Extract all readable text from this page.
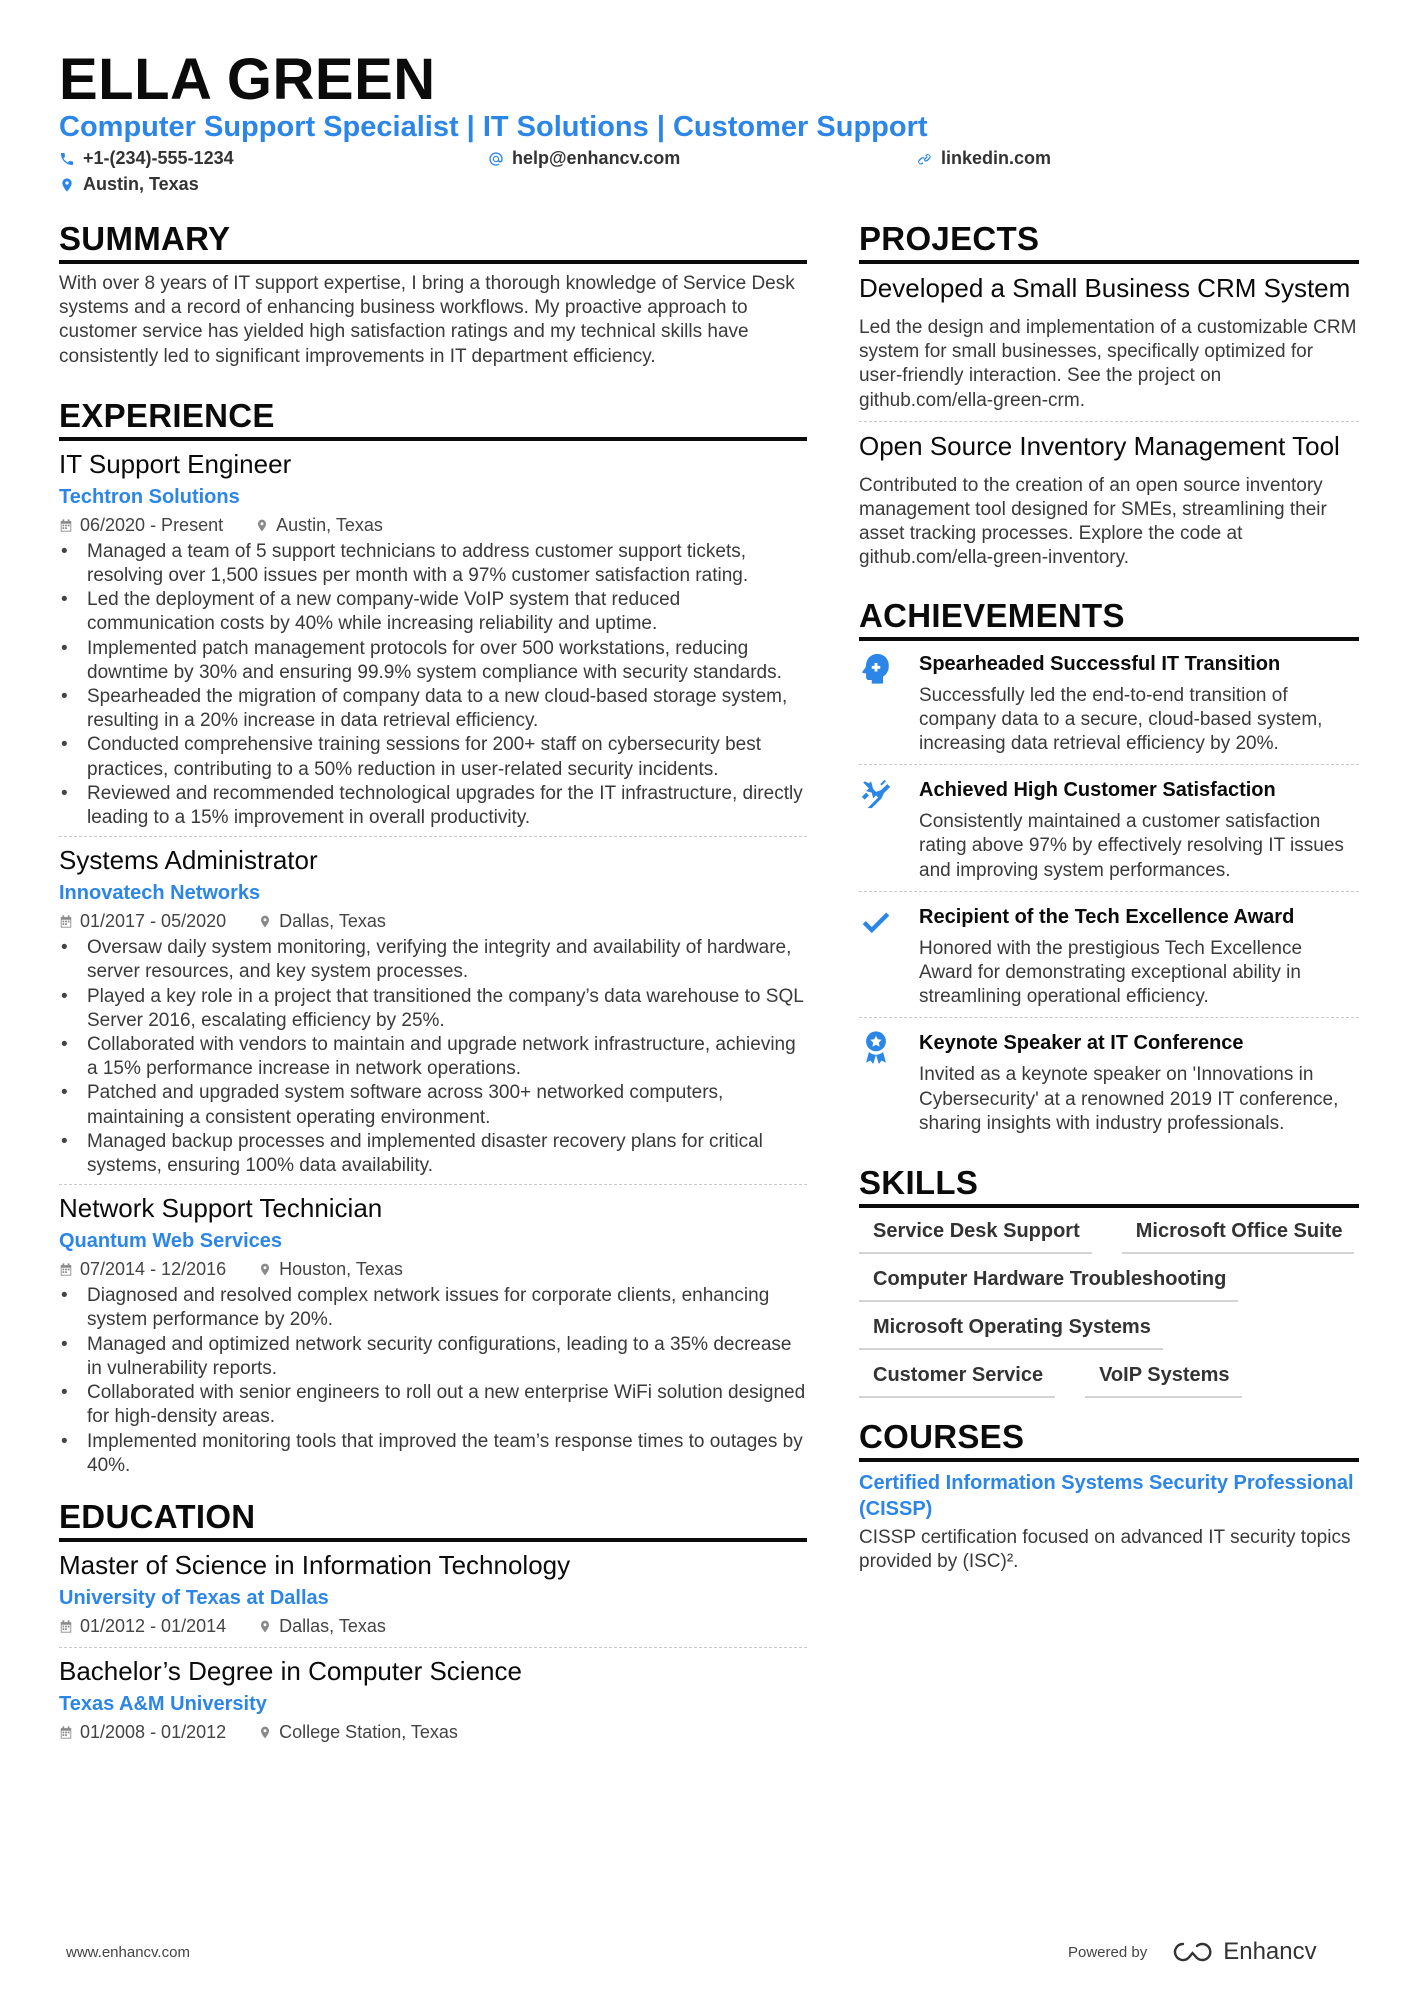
ELLA GREEN
Computer Support Specialist | IT Solutions | Customer Support
+1-(234)-555-1234	help@enhancv.com	linkedin.com
Austin, Texas
SUMMARY
With over 8 years of IT support expertise, I bring a thorough knowledge of Service Desk systems and a record of enhancing business workflows. My proactive approach to customer service has yielded high satisfaction ratings and my technical skills have consistently led to significant improvements in IT department efficiency.
EXPERIENCE
IT Support Engineer
Techtron Solutions
06/2020 - Present	Austin, Texas
• Managed a team of 5 support technicians to address customer support tickets, resolving over 1,500 issues per month with a 97% customer satisfaction rating.
• Led the deployment of a new company-wide VoIP system that reduced communication costs by 40% while increasing reliability and uptime.
• Implemented patch management protocols for over 500 workstations, reducing downtime by 30% and ensuring 99.9% system compliance with security standards.
• Spearheaded the migration of company data to a new cloud-based storage system, resulting in a 20% increase in data retrieval efficiency.
• Conducted comprehensive training sessions for 200+ staff on cybersecurity best practices, contributing to a 50% reduction in user-related security incidents.
• Reviewed and recommended technological upgrades for the IT infrastructure, directly leading to a 15% improvement in overall productivity.
Systems Administrator
Innovatech Networks
01/2017 - 05/2020	Dallas, Texas
• Oversaw daily system monitoring, verifying the integrity and availability of hardware, server resources, and key system processes.
• Played a key role in a project that transitioned the company’s data warehouse to SQL Server 2016, escalating efficiency by 25%.
• Collaborated with vendors to maintain and upgrade network infrastructure, achieving a 15% performance increase in network operations.
• Patched and upgraded system software across 300+ networked computers, maintaining a consistent operating environment.
• Managed backup processes and implemented disaster recovery plans for critical systems, ensuring 100% data availability.
Network Support Technician
Quantum Web Services
07/2014 - 12/2016	Houston, Texas
• Diagnosed and resolved complex network issues for corporate clients, enhancing system performance by 20%.
• Managed and optimized network security configurations, leading to a 35% decrease in vulnerability reports.
• Collaborated with senior engineers to roll out a new enterprise WiFi solution designed for high-density areas.
• Implemented monitoring tools that improved the team’s response times to outages by 40%.
EDUCATION
Master of Science in Information Technology
University of Texas at Dallas
01/2012 - 01/2014	Dallas, Texas
Bachelor’s Degree in Computer Science
Texas A&M University
01/2008 - 01/2012	College Station, Texas
PROJECTS
Developed a Small Business CRM System
Led the design and implementation of a customizable CRM system for small businesses, specifically optimized for user-friendly interaction. See the project on github.com/ella-green-crm.
Open Source Inventory Management Tool
Contributed to the creation of an open source inventory management tool designed for SMEs, streamlining their asset tracking processes. Explore the code at github.com/ella-green-inventory.
ACHIEVEMENTS
Spearheaded Successful IT Transition
Successfully led the end-to-end transition of company data to a secure, cloud-based system, increasing data retrieval efficiency by 20%.
Achieved High Customer Satisfaction
Consistently maintained a customer satisfaction rating above 97% by effectively resolving IT issues and improving system performances.
Recipient of the Tech Excellence Award
Honored with the prestigious Tech Excellence Award for demonstrating exceptional ability in streamlining operational efficiency.
Keynote Speaker at IT Conference
Invited as a keynote speaker on 'Innovations in Cybersecurity' at a renowned 2019 IT conference, sharing insights with industry professionals.
SKILLS
Service Desk Support	Microsoft Office Suite
Computer Hardware Troubleshooting
Microsoft Operating Systems
Customer Service	VoIP Systems
COURSES
Certified Information Systems Security Professional (CISSP)
CISSP certification focused on advanced IT security topics provided by (ISC)².
www.enhancv.com	Powered by	Enhancv
